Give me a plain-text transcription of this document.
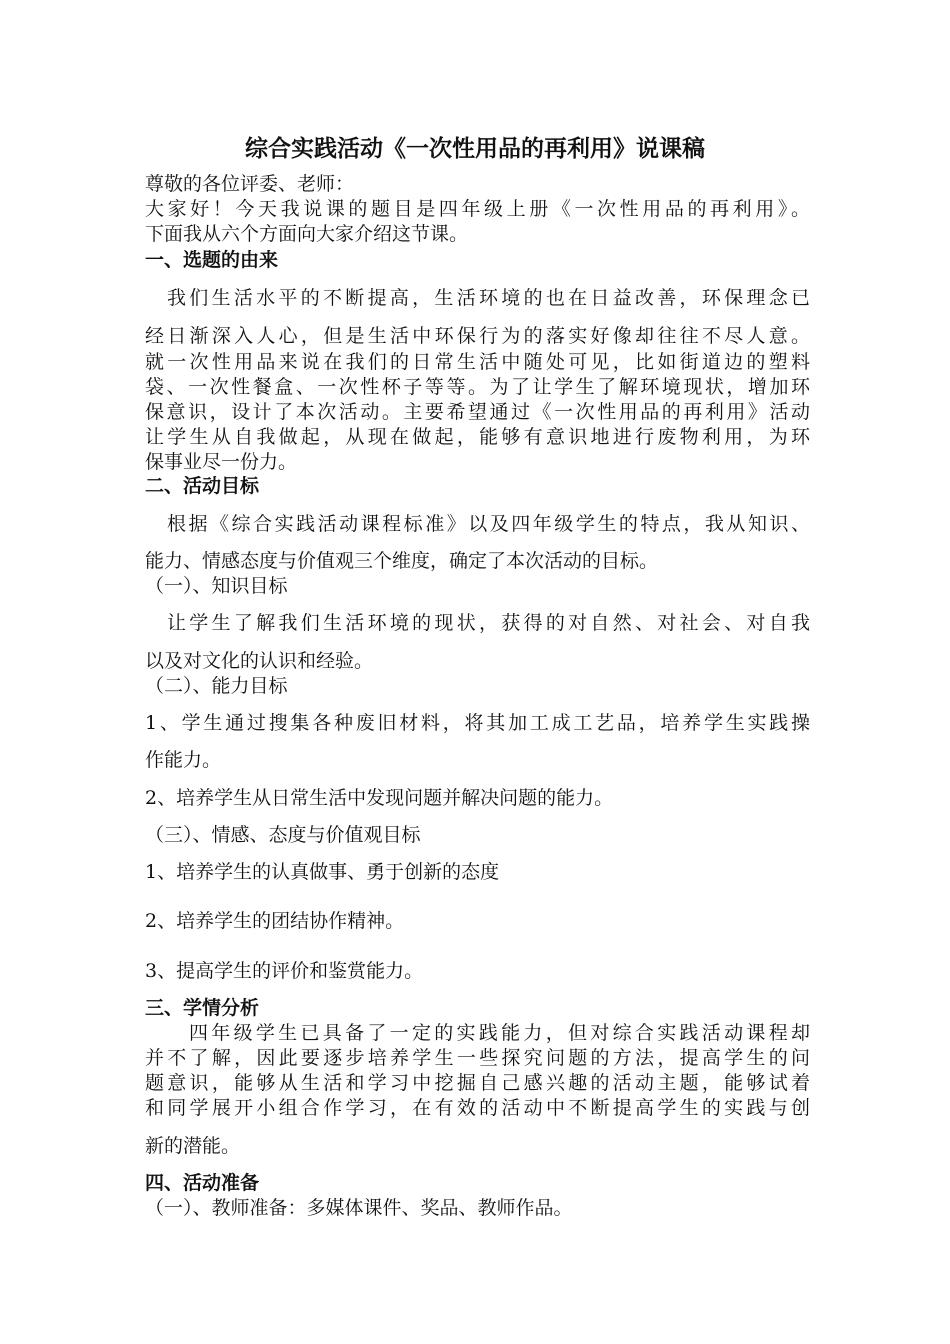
综合实践活动《一次性用品的再利用》说课稿
尊敬的各位评委、老师：
大家好！今天我说课的题目是四年级上册《一次性用品的再利用》。
下面我从六个方面向大家介绍这节课。
一、选题的由来
我们生活水平的不断提高，生活环境的也在日益改善，环保理念已
经日渐深入人心，但是生活中环保行为的落实好像却往往不尽人意。
就一次性用品来说在我们的日常生活中随处可见，比如街道边的塑料
袋、一次性餐盒、一次性杯子等等。为了让学生了解环境现状，增加环
保意识，设计了本次活动。主要希望通过《一次性用品的再利用》活动
让学生从自我做起，从现在做起，能够有意识地进行废物利用，为环
保事业尽一份力。
二、活动目标
根据《综合实践活动课程标准》以及四年级学生的特点，我从知识、
能力、情感态度与价值观三个维度，确定了本次活动的目标。
（一）、知识目标
让学生了解我们生活环境的现状，获得的对自然、对社会、对自我
以及对文化的认识和经验。
（二）、能力目标
1、学生通过搜集各种废旧材料，将其加工成工艺品，培养学生实践操
作能力。
2、培养学生从日常生活中发现问题并解决问题的能力。
（三）、情感、态度与价值观目标
1、培养学生的认真做事、勇于创新的态度
2、培养学生的团结协作精神。
3、提高学生的评价和鉴赏能力。
三、学情分析
四年级学生已具备了一定的实践能力，但对综合实践活动课程却
并不了解，因此要逐步培养学生一些探究问题的方法，提高学生的问
题意识，能够从生活和学习中挖掘自己感兴趣的活动主题，能够试着
和同学展开小组合作学习，在有效的活动中不断提高学生的实践与创
新的潜能。
四、活动准备
（一）、教师准备：多媒体课件、奖品、教师作品。
